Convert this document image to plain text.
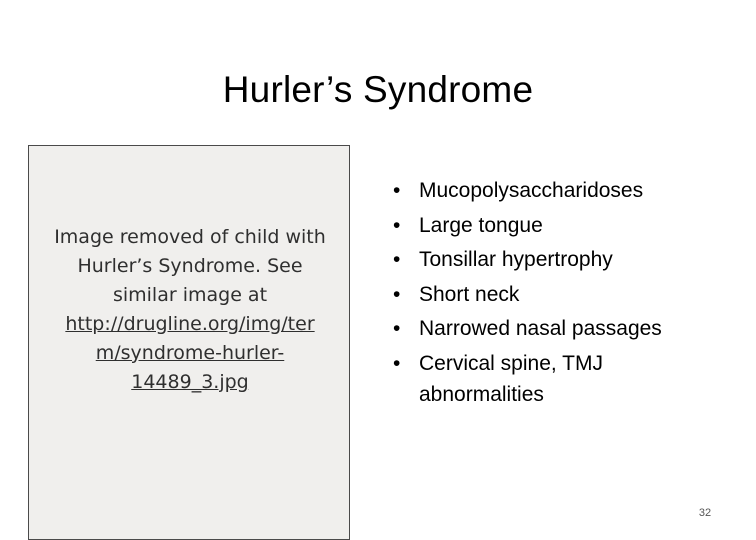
Hurler’s Syndrome
Image removed of child with
Hurler’s Syndrome. See
similar image at
http://drugline.org/img/ter
m/syndrome-hurler-
14489_3.jpg
• Mucopolysaccharidoses
• Large tongue
• Tonsillar hypertrophy
• Short neck
• Narrowed nasal passages
• Cervical spine, TMJ
abnormalities
32
